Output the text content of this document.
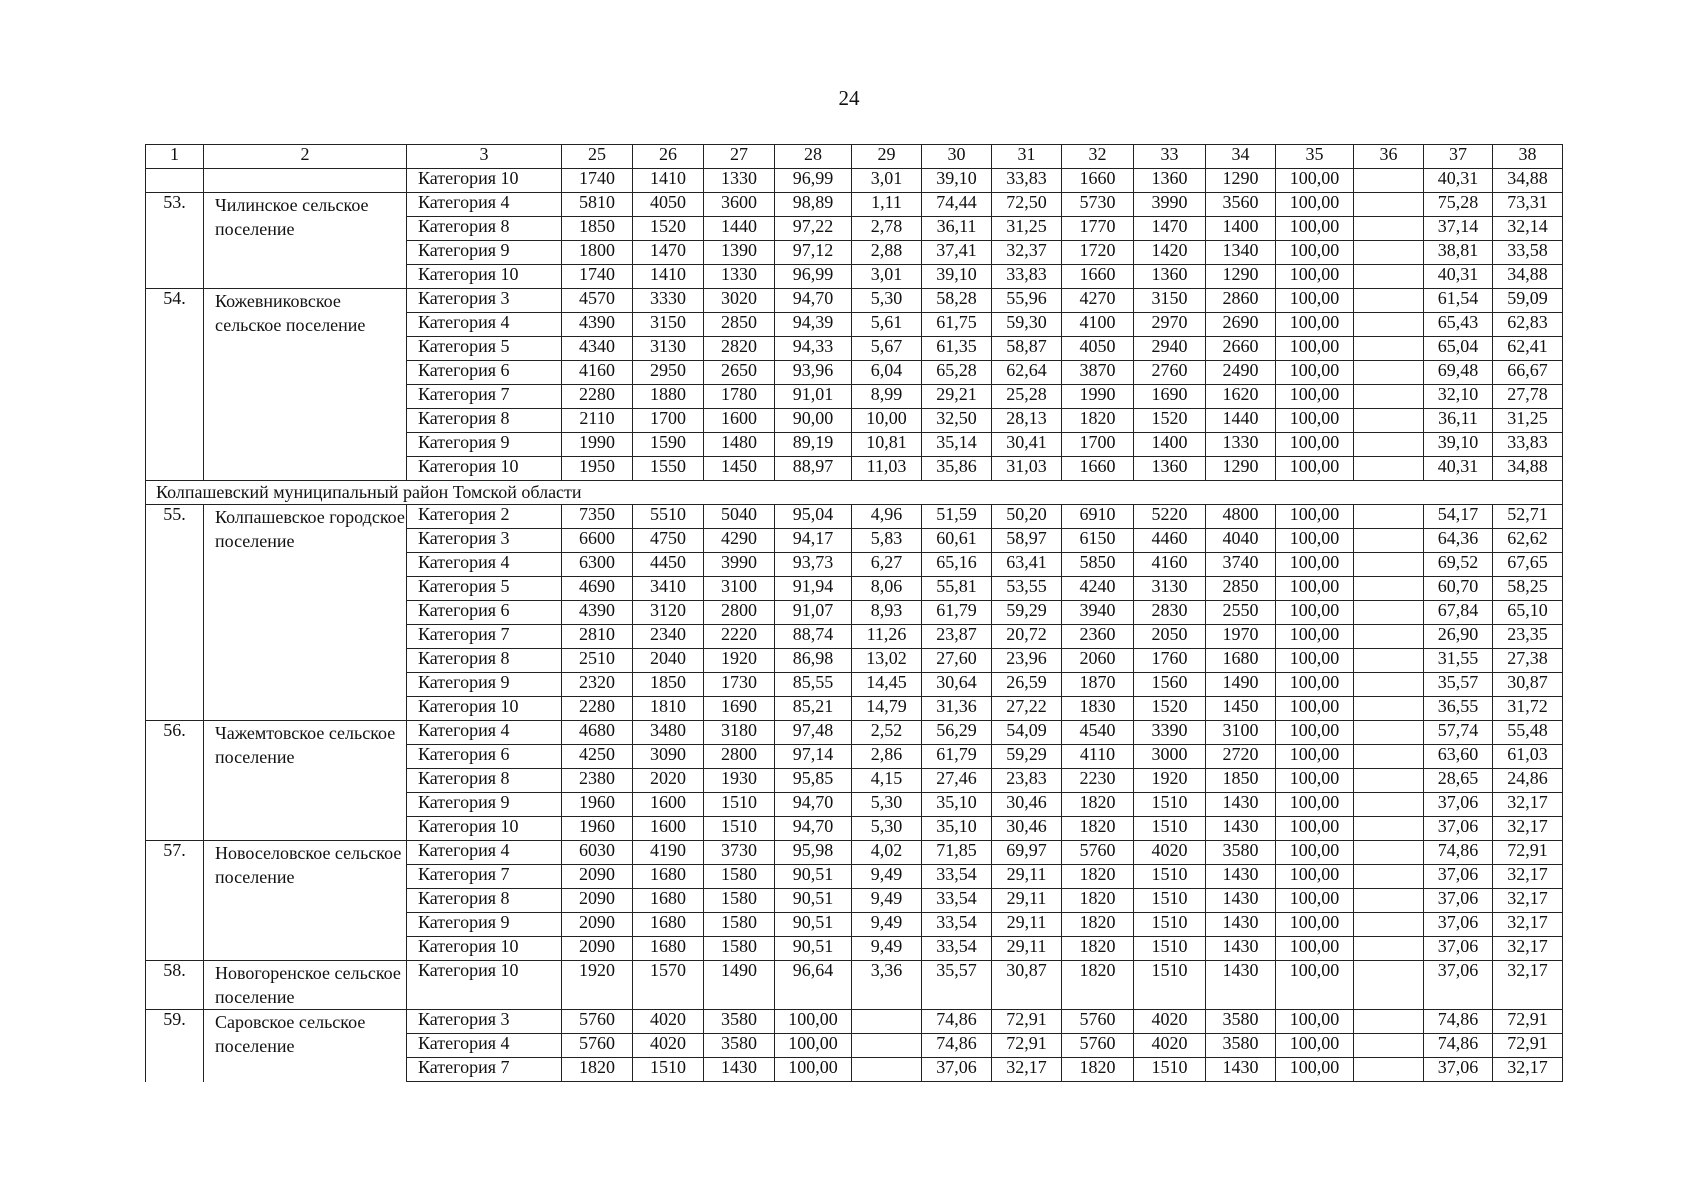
24
1	2	3	25	26	27	28	29	30	31	32	33	34	35	36	37	38
		Категория 10	1740	1410	1330	96,99	3,01	39,10	33,83	1660	1360	1290	100,00		40,31	34,88
53.	Чилинское сельское поселение	Категория 4	5810	4050	3600	98,89	1,11	74,44	72,50	5730	3990	3560	100,00		75,28	73,31
		Категория 8	1850	1520	1440	97,22	2,78	36,11	31,25	1770	1470	1400	100,00		37,14	32,14
		Категория 9	1800	1470	1390	97,12	2,88	37,41	32,37	1720	1420	1340	100,00		38,81	33,58
		Категория 10	1740	1410	1330	96,99	3,01	39,10	33,83	1660	1360	1290	100,00		40,31	34,88
54.	Кожевниковское сельское поселение	Категория 3	4570	3330	3020	94,70	5,30	58,28	55,96	4270	3150	2860	100,00		61,54	59,09
		Категория 4	4390	3150	2850	94,39	5,61	61,75	59,30	4100	2970	2690	100,00		65,43	62,83
		Категория 5	4340	3130	2820	94,33	5,67	61,35	58,87	4050	2940	2660	100,00		65,04	62,41
		Категория 6	4160	2950	2650	93,96	6,04	65,28	62,64	3870	2760	2490	100,00		69,48	66,67
		Категория 7	2280	1880	1780	91,01	8,99	29,21	25,28	1990	1690	1620	100,00		32,10	27,78
		Категория 8	2110	1700	1600	90,00	10,00	32,50	28,13	1820	1520	1440	100,00		36,11	31,25
		Категория 9	1990	1590	1480	89,19	10,81	35,14	30,41	1700	1400	1330	100,00		39,10	33,83
		Категория 10	1950	1550	1450	88,97	11,03	35,86	31,03	1660	1360	1290	100,00		40,31	34,88
Колпашевский муниципальный район Томской области																
55.	Колпашевское городское поселение	Категория 2	7350	5510	5040	95,04	4,96	51,59	50,20	6910	5220	4800	100,00		54,17	52,71
		Категория 3	6600	4750	4290	94,17	5,83	60,61	58,97	6150	4460	4040	100,00		64,36	62,62
		Категория 4	6300	4450	3990	93,73	6,27	65,16	63,41	5850	4160	3740	100,00		69,52	67,65
		Категория 5	4690	3410	3100	91,94	8,06	55,81	53,55	4240	3130	2850	100,00		60,70	58,25
		Категория 6	4390	3120	2800	91,07	8,93	61,79	59,29	3940	2830	2550	100,00		67,84	65,10
		Категория 7	2810	2340	2220	88,74	11,26	23,87	20,72	2360	2050	1970	100,00		26,90	23,35
		Категория 8	2510	2040	1920	86,98	13,02	27,60	23,96	2060	1760	1680	100,00		31,55	27,38
		Категория 9	2320	1850	1730	85,55	14,45	30,64	26,59	1870	1560	1490	100,00		35,57	30,87
		Категория 10	2280	1810	1690	85,21	14,79	31,36	27,22	1830	1520	1450	100,00		36,55	31,72
56.	Чажемтовское сельское поселение	Категория 4	4680	3480	3180	97,48	2,52	56,29	54,09	4540	3390	3100	100,00		57,74	55,48
		Категория 6	4250	3090	2800	97,14	2,86	61,79	59,29	4110	3000	2720	100,00		63,60	61,03
		Категория 8	2380	2020	1930	95,85	4,15	27,46	23,83	2230	1920	1850	100,00		28,65	24,86
		Категория 9	1960	1600	1510	94,70	5,30	35,10	30,46	1820	1510	1430	100,00		37,06	32,17
		Категория 10	1960	1600	1510	94,70	5,30	35,10	30,46	1820	1510	1430	100,00		37,06	32,17
57.	Новоселовское сельское поселение	Категория 4	6030	4190	3730	95,98	4,02	71,85	69,97	5760	4020	3580	100,00		74,86	72,91
		Категория 7	2090	1680	1580	90,51	9,49	33,54	29,11	1820	1510	1430	100,00		37,06	32,17
		Категория 8	2090	1680	1580	90,51	9,49	33,54	29,11	1820	1510	1430	100,00		37,06	32,17
		Категория 9	2090	1680	1580	90,51	9,49	33,54	29,11	1820	1510	1430	100,00		37,06	32,17
		Категория 10	2090	1680	1580	90,51	9,49	33,54	29,11	1820	1510	1430	100,00		37,06	32,17
58.	Новогоренское сельское поселение	Категория 10	1920	1570	1490	96,64	3,36	35,57	30,87	1820	1510	1430	100,00		37,06	32,17
59.	Саровское сельское поселение	Категория 3	5760	4020	3580	100,00		74,86	72,91	5760	4020	3580	100,00		74,86	72,91
		Категория 4	5760	4020	3580	100,00		74,86	72,91	5760	4020	3580	100,00		74,86	72,91
		Категория 7	1820	1510	1430	100,00		37,06	32,17	1820	1510	1430	100,00		37,06	32,17
